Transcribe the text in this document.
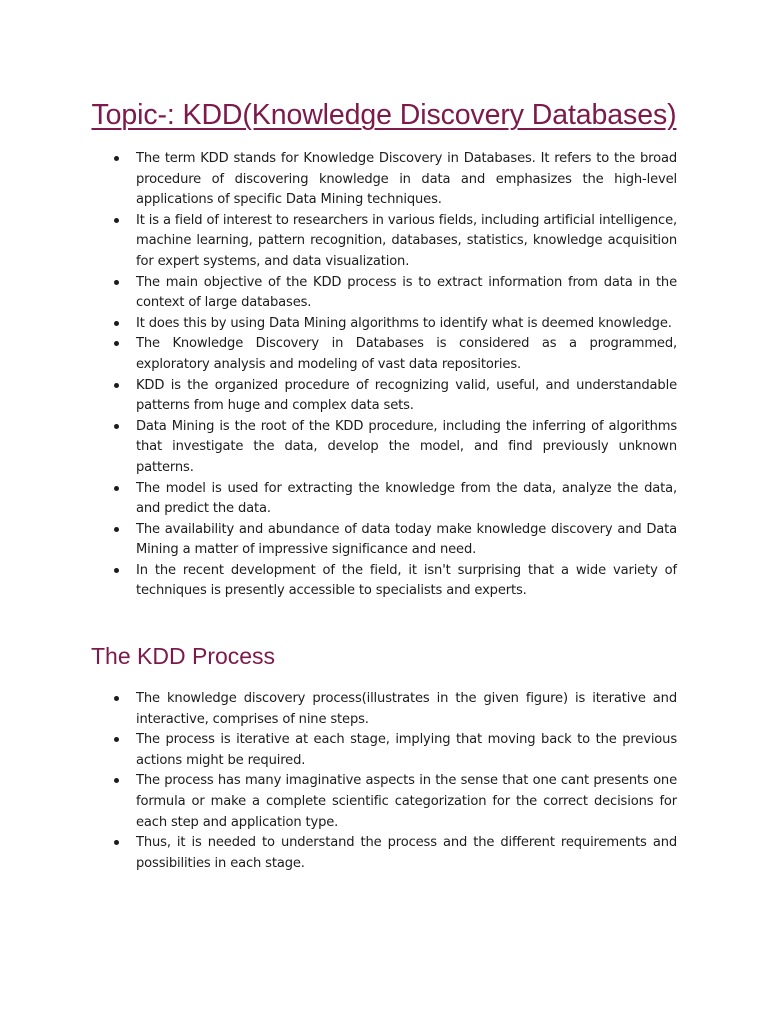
Topic-: KDD(Knowledge Discovery Databases)
The term KDD stands for Knowledge Discovery in Databases. It refers to the broad procedure of discovering knowledge in data and emphasizes the high-level applications of specific Data Mining techniques.
It is a field of interest to researchers in various fields, including artificial intelligence, machine learning, pattern recognition, databases, statistics, knowledge acquisition for expert systems, and data visualization.
The main objective of the KDD process is to extract information from data in the context of large databases.
It does this by using Data Mining algorithms to identify what is deemed knowledge.
The Knowledge Discovery in Databases is considered as a programmed, exploratory analysis and modeling of vast data repositories.
KDD is the organized procedure of recognizing valid, useful, and understandable patterns from huge and complex data sets.
Data Mining is the root of the KDD procedure, including the inferring of algorithms that investigate the data, develop the model, and find previously unknown patterns.
The model is used for extracting the knowledge from the data, analyze the data, and predict the data.
The availability and abundance of data today make knowledge discovery and Data Mining a matter of impressive significance and need.
In the recent development of the field, it isn't surprising that a wide variety of techniques is presently accessible to specialists and experts.
The KDD Process
The knowledge discovery process(illustrates in the given figure) is iterative and interactive, comprises of nine steps.
The process is iterative at each stage, implying that moving back to the previous actions might be required.
The process has many imaginative aspects in the sense that one cant presents one formula or make a complete scientific categorization for the correct decisions for each step and application type.
Thus, it is needed to understand the process and the different requirements and possibilities in each stage.
